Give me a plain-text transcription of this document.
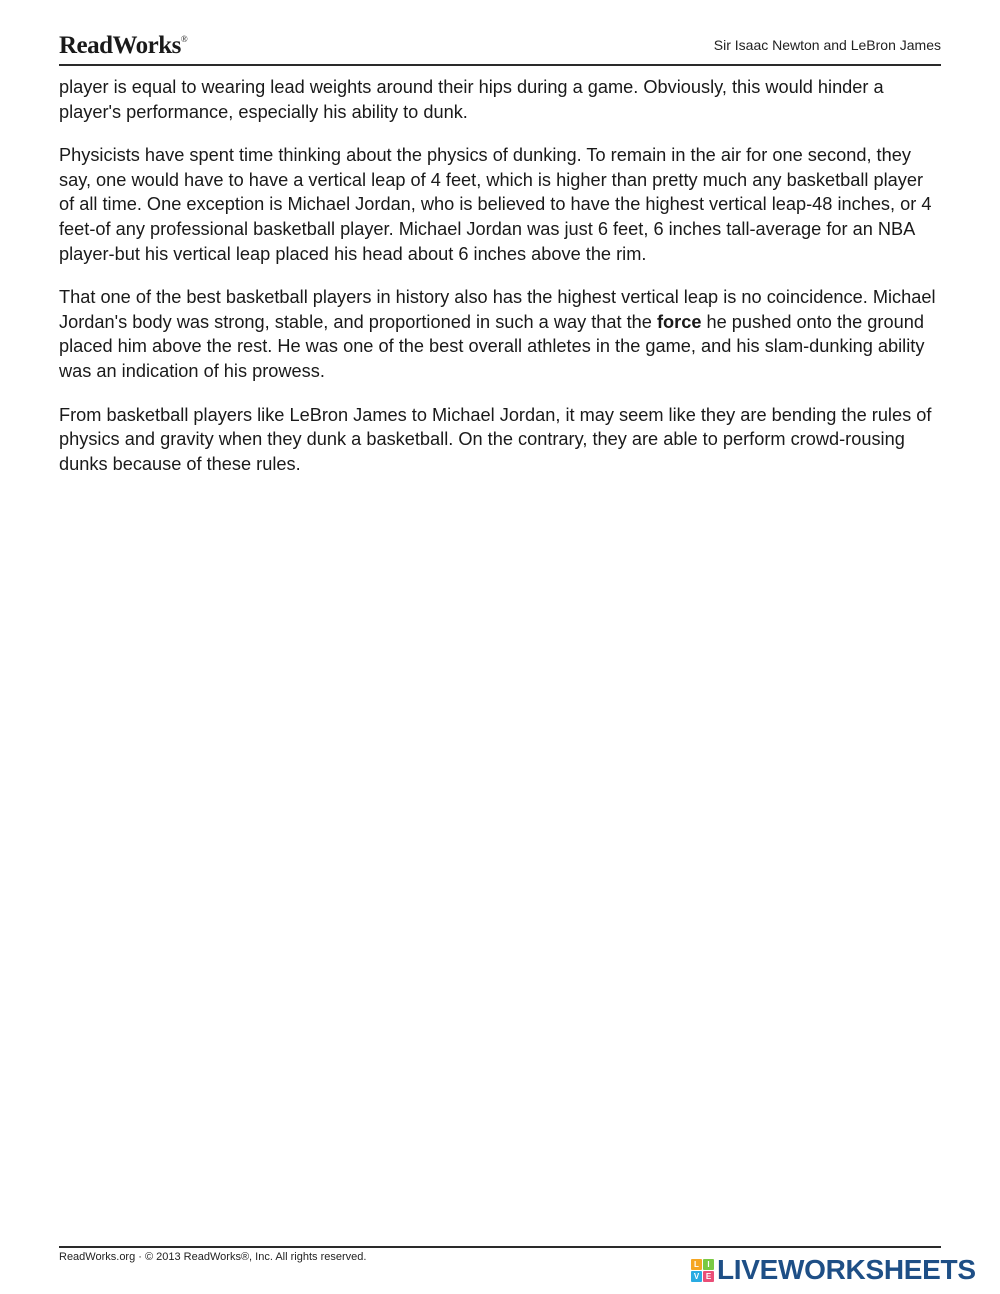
ReadWorks®	Sir Isaac Newton and LeBron James

player is equal to wearing lead weights around their hips during a game. Obviously, this would hinder a player's performance, especially his ability to dunk.

Physicists have spent time thinking about the physics of dunking. To remain in the air for one second, they say, one would have to have a vertical leap of 4 feet, which is higher than pretty much any basketball player of all time. One exception is Michael Jordan, who is believed to have the highest vertical leap-48 inches, or 4 feet-of any professional basketball player. Michael Jordan was just 6 feet, 6 inches tall-average for an NBA player-but his vertical leap placed his head about 6 inches above the rim.

That one of the best basketball players in history also has the highest vertical leap is no coincidence. Michael Jordan's body was strong, stable, and proportioned in such a way that the force he pushed onto the ground placed him above the rest. He was one of the best overall athletes in the game, and his slam-dunking ability was an indication of his prowess.

From basketball players like LeBron James to Michael Jordan, it may seem like they are bending the rules of physics and gravity when they dunk a basketball. On the contrary, they are able to perform crowd-rousing dunks because of these rules.

ReadWorks.org · © 2013 ReadWorks®, Inc. All rights reserved.
L	I
V E LIVEWORKSHEETS
